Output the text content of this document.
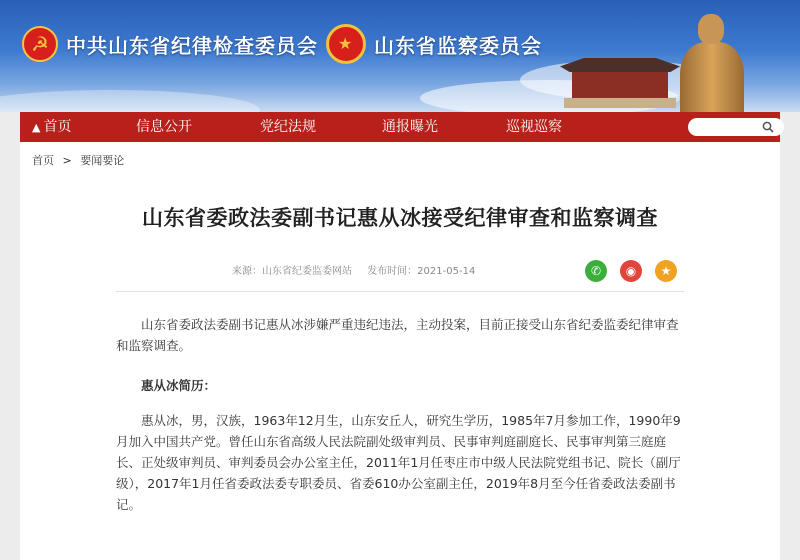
☭ 中共山东省纪律检查委员会 ★ 山东省监察委员会
▲ 首页	信息公开	党纪法规	通报曝光	巡视巡察
首页 > 要闻要论
山东省委政法委副书记惠从冰接受纪律审查和监察调查
来源：山东省纪委监委网站 发布时间：2021-05-14	✆	◉	★
山东省委政法委副书记惠从冰涉嫌严重违纪违法，主动投案，目前正接受山东省纪委监委纪律审查和监察调查。
惠从冰简历：
惠从冰，男，汉族，1963年12月生，山东安丘人，研究生学历，1985年7月参加工作，1990年9月加入中国共产党。曾任山东省高级人民法院副处级审判员、民事审判庭副庭长、民事审判第三庭庭长、正处级审判员、审判委员会办公室主任，2011年1月任枣庄市中级人民法院党组书记、院长（副厅级），2017年1月任省委政法委专职委员、省委610办公室副主任，2019年8月至今任省委政法委副书记。
